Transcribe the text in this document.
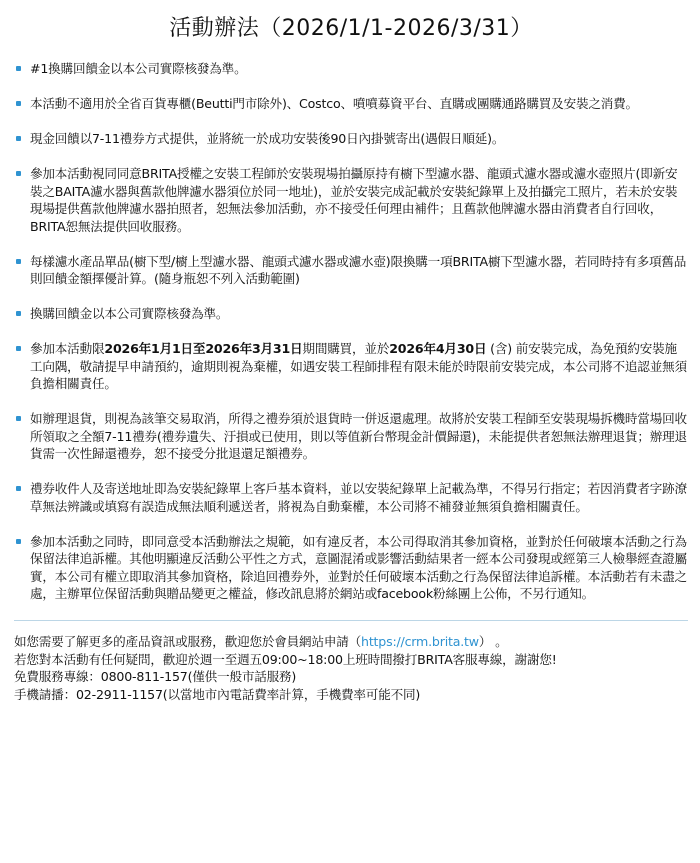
活動辦法（2026/1/1-2026/3/31）
#1換購回饋金以本公司實際核發為準。
本活動不適用於全省百貨專櫃(Beutti門市除外)、Costco、噴噴募資平台、直購或團購通路購買及安裝之消費。
現金回饋以7-11禮券方式提供，並將統一於成功安裝後90日內掛號寄出(遇假日順延)。
參加本活動視同同意BRITA授權之安裝工程師於安裝現場拍攝原持有櫥下型濾水器、龍頭式濾水器或濾水壺照片(即新安裝之BAITA濾水器與舊款他牌濾水器須位於同一地址)，並於安裝完成記載於安裝紀錄單上及拍攝完工照片，若未於安裝現場提供舊款他牌濾水器拍照者，恕無法參加活動，亦不接受任何理由補件；且舊款他牌濾水器由消費者自行回收，BRITA恕無法提供回收服務。
每樣濾水產品單品(櫥下型/櫥上型濾水器、龍頭式濾水器或濾水壺)限換購一項BRITA櫥下型濾水器，若同時持有多項舊品則回饋金額擇優計算。(隨身瓶恕不列入活動範圍)
換購回饋金以本公司實際核發為準。
參加本活動限2026年1月1日至2026年3月31日期間購買，並於2026年4月30日 (含) 前安裝完成，為免預約安裝施工向隅，敬請提早申請預約，逾期則視為棄權，如遇安裝工程師排程有限未能於時限前安裝完成，本公司將不追認並無須負擔相關責任。
如辦理退貨，則視為該筆交易取消，所得之禮券須於退貨時一併返還處理。故將於安裝工程師至安裝現場拆機時當場回收所領取之全額7-11禮券(禮券遺失、汙損或已使用，則以等值新台幣現金計價歸還)，未能提供者恕無法辦理退貨；辦理退貨需一次性歸還禮券，恕不接受分批退還足額禮券。
禮券收件人及寄送地址即為安裝紀錄單上客戶基本資料，並以安裝紀錄單上記載為準，不得另行指定；若因消費者字跡潦草無法辨識或填寫有誤造成無法順利遞送者，將視為自動棄權，本公司將不補發並無須負擔相關責任。
參加本活動之同時，即同意受本活動辦法之規範，如有違反者，本公司得取消其參加資格，並對於任何破壞本活動之行為保留法律追訴權。其他明顯違反活動公平性之方式，意圖混淆或影響活動結果者一經本公司發現或經第三人檢舉經查證屬實，本公司有權立即取消其參加資格，除追回禮券外，並對於任何破壞本活動之行為保留法律追訴權。本活動若有未盡之處，主辦單位保留活動與贈品變更之權益，修改訊息將於網站或facebook粉絲團上公佈，不另行通知。

如您需要了解更多的產品資訊或服務，歡迎您於會員網站申請（https://crm.brita.tw） 。

若您對本活動有任何疑問，歡迎於週一至週五09:00~18:00上班時間撥打BRITA客服專線，謝謝您!

免費服務專線：0800-811-157(僅供一般市話服務)

手機請播：02-2911-1157(以當地市內電話費率計算，手機費率可能不同)
